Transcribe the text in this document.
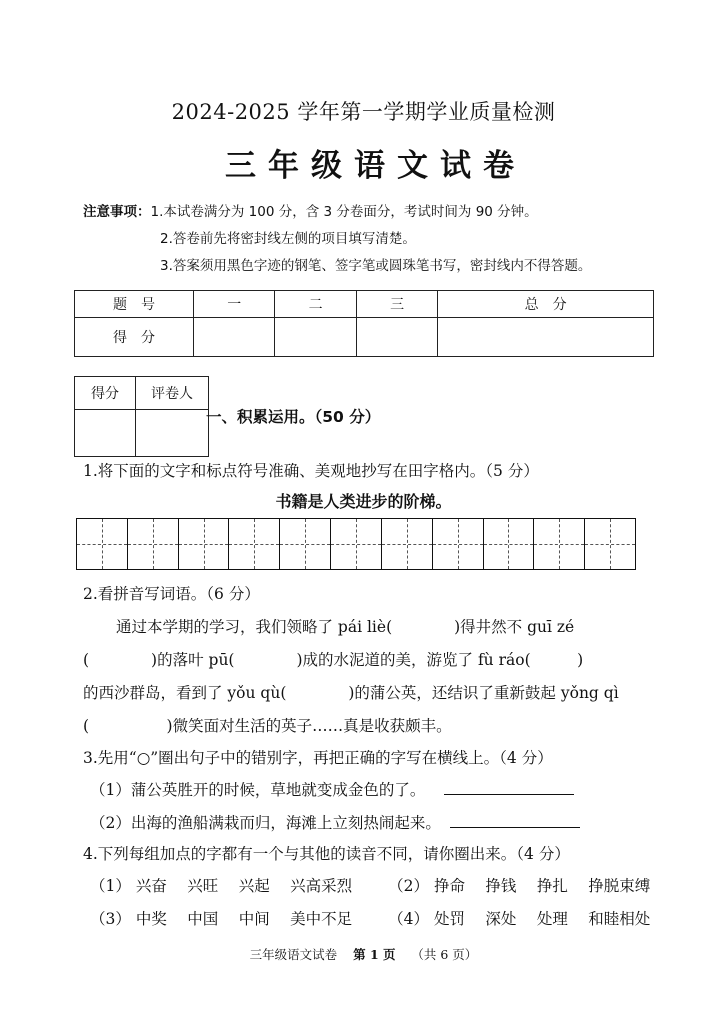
2024-2025 学年第一学期学业质量检测
三年级语文试卷
注意事项：1.本试卷满分为 100 分，含 3 分卷面分，考试时间为 90 分钟。
2.答卷前先将密封线左侧的项目填写清楚。
3.答案须用黑色字迹的钢笔、签字笔或圆珠笔书写，密封线内不得答题。
题　号	一	二	三	总　分
得　分				
得分	评卷人

一、积累运用。（50 分）
1.将下面的文字和标点符号准确、美观地抄写在田字格内。（5 分）
书籍是人类进步的阶梯。
2.看拼音写词语。（6 分）
通过本学期的学习，我们领略了 pái liè(　　　　)得井然不 guī zé
(　　　　)的落叶 pū(　　　　)成的水泥道的美，游览了 fù ráo(　　　)
的西沙群岛，看到了 yǒu qù(　　　　)的蒲公英，还结识了重新鼓起 yǒng qì
(　　　　　)微笑面对生活的英子……真是收获颇丰。
3.先用“○”圈出句子中的错别字，再把正确的字写在横线上。（4 分）
（1）蒲公英胜开的时候，草地就变成金色的了。
（2）出海的渔船满栽而归，海滩上立刻热闹起来。
4.下列每组加点的字都有一个与其他的读音不同，请你圈出来。（4 分）
（1） 兴奋　 兴旺　 兴起　 兴高采烈　　 （2） 挣命　 挣钱　 挣扎　 挣脱束缚
（3） 中奖　 中国　 中间　 美中不足　　 （4） 处罚　 深处　 处理　 和睦相处
三年级语文试卷 第 1 页 （共 6 页）
